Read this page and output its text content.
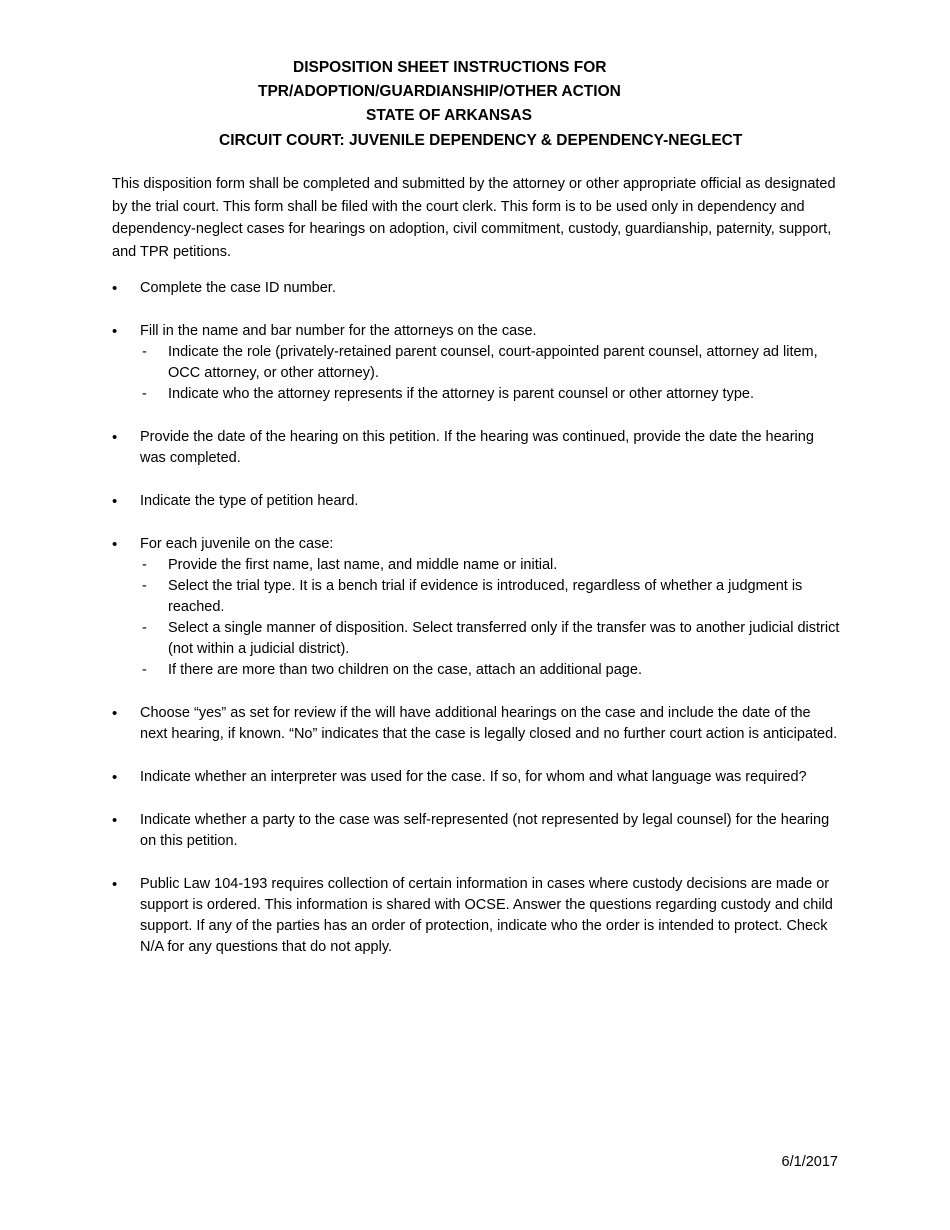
DISPOSITION SHEET INSTRUCTIONS FOR
TPR/ADOPTION/GUARDIANSHIP/OTHER ACTION
STATE OF ARKANSAS
CIRCUIT COURT: JUVENILE DEPENDENCY & DEPENDENCY-NEGLECT

This disposition form shall be completed and submitted by the attorney or other appropriate official as designated by the trial court. This form shall be filed with the court clerk. This form is to be used only in dependency and dependency-neglect cases for hearings on adoption, civil commitment, custody, guardianship, paternity, support, and TPR petitions.

• Complete the case ID number.
• Fill in the name and bar number for the attorneys on the case.
- Indicate the role (privately-retained parent counsel, court-appointed parent counsel, attorney ad litem, OCC attorney, or other attorney).
- Indicate who the attorney represents if the attorney is parent counsel or other attorney type.
• Provide the date of the hearing on this petition. If the hearing was continued, provide the date the hearing was completed.
• Indicate the type of petition heard.
• For each juvenile on the case:
- Provide the first name, last name, and middle name or initial.
- Select the trial type. It is a bench trial if evidence is introduced, regardless of whether a judgment is reached.
- Select a single manner of disposition. Select transferred only if the transfer was to another judicial district (not within a judicial district).
- If there are more than two children on the case, attach an additional page.
• Choose “yes” as set for review if the will have additional hearings on the case and include the date of the next hearing, if known. “No” indicates that the case is legally closed and no further court action is anticipated.
• Indicate whether an interpreter was used for the case. If so, for whom and what language was required?
• Indicate whether a party to the case was self-represented (not represented by legal counsel) for the hearing on this petition.
• Public Law 104-193 requires collection of certain information in cases where custody decisions are made or support is ordered. This information is shared with OCSE. Answer the questions regarding custody and child support. If any of the parties has an order of protection, indicate who the order is intended to protect. Check N/A for any questions that do not apply.
6/1/2017
